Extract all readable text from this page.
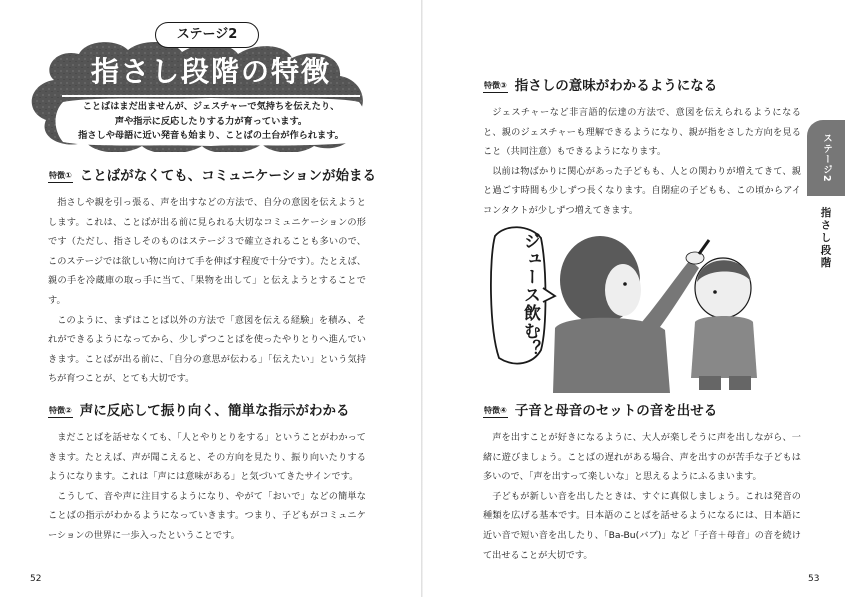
ステージ2
指さし段階の特徴
ことばはまだ出ませんが、ジェスチャーで気持ちを伝えたり、
声や指示に反応したりする力が育っています。
指さしや母語に近い発音も始まり、ことばの土台が作られます。
特徴① ことばがなくても、コミュニケーションが始まる

指さしや親を引っ張る、声を出すなどの方法で、自分の意図を伝えようとします。これは、ことばが出る前に見られる大切なコミュニケーションの形です（ただし、指さしそのものはステージ３で確立されることも多いので、このステージでは欲しい物に向けて手を伸ばす程度で十分です）。たとえば、親の手を冷蔵庫の取っ手に当て、「果物を出して」と伝えようとすることです。

このように、まずはことば以外の方法で「意図を伝える経験」を積み、それができるようになってから、少しずつことばを使ったやりとりへ進んでいきます。ことばが出る前に、「自分の意思が伝わる」「伝えたい」という気持ちが育つことが、とても大切です。

特徴② 声に反応して振り向く、簡単な指示がわかる

まだことばを話せなくても、「人とやりとりをする」ということがわかってきます。たとえば、声が聞こえると、その方向を見たり、振り向いたりするようになります。これは「声には意味がある」と気づいてきたサインです。

こうして、音や声に注目するようになり、やがて「おいで」などの簡単なことばの指示がわかるようになっていきます。つまり、子どもがコミュニケーションの世界に一歩入ったということです。

52
特徴③ 指さしの意味がわかるようになる

ジェスチャーなど非言語的伝達の方法で、意図を伝えられるようになると、親のジェスチャーも理解できるようになり、親が指をさした方向を見ること（共同注意）もできるようになります。

以前は物ばかりに関心があった子どもも、人との関わりが増えてきて、親と過ごす時間も少しずつ長くなります。自閉症の子どもも、この頃からアイコンタクトが少しずつ増えてきます。

特徴④ 子音と母音のセットの音を出せる

声を出すことが好きになるように、大人が楽しそうに声を出しながら、一緒に遊びましょう。ことばの遅れがある場合、声を出すのが苦手な子どもは多いので、「声を出すって楽しいな」と思えるようにふるまいます。

子どもが新しい音を出したときは、すぐに真似しましょう。これは発音の種類を広げる基本です。日本語のことばを話せるようになるには、日本語に近い音で短い音を出したり、「Ba-Bu(バブ)」など「子音＋母音」の音を続けて出せることが大切です。

53
ジュース飲む？
ステージ2
指さし段階
